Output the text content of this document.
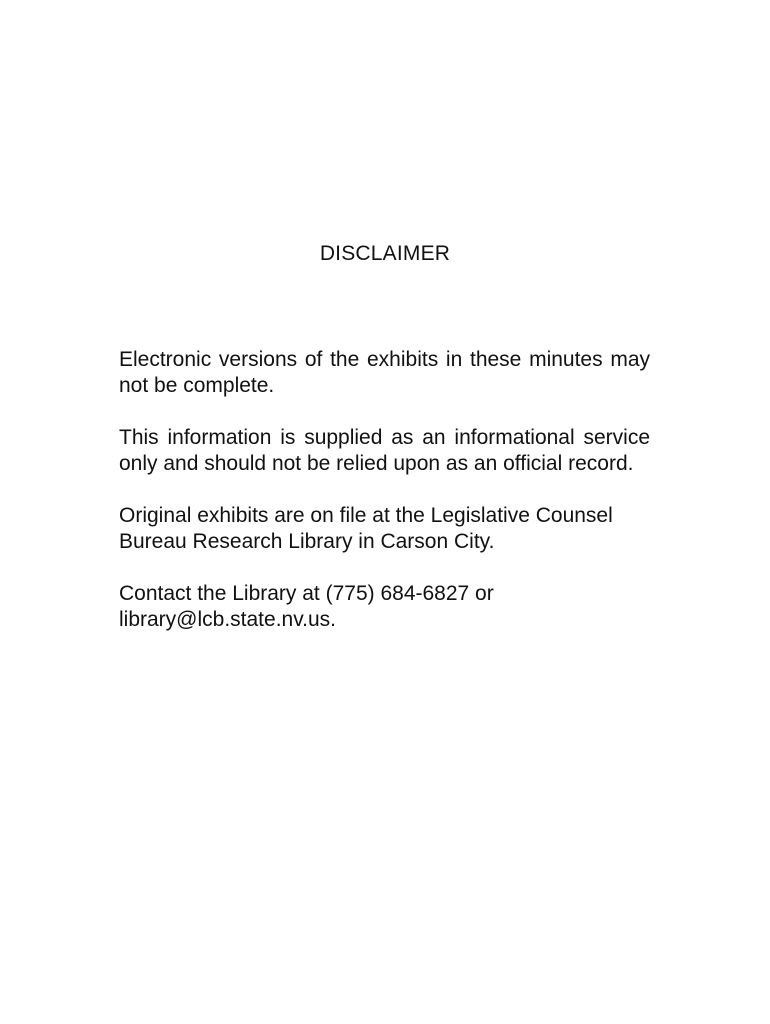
DISCLAIMER

Electronic versions of the exhibits in these minutes may not be complete.

This information is supplied as an informational service only and should not be relied upon as an official record.

Original exhibits are on file at the Legislative Counsel Bureau Research Library in Carson City.

Contact the Library at (775) 684-6827 or library@lcb.state.nv.us.
